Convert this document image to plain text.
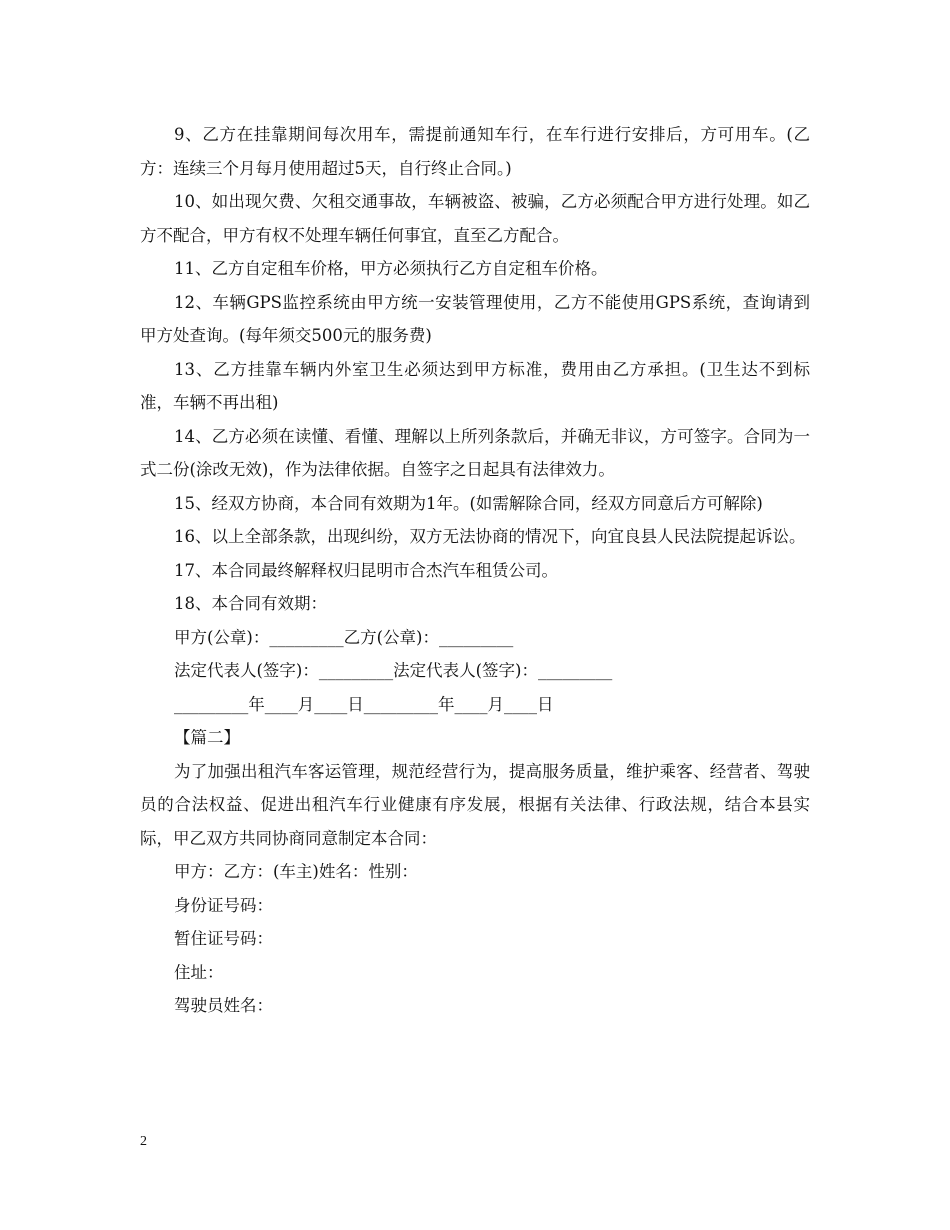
9、乙方在挂靠期间每次用车，需提前通知车行，在车行进行安排后，方可用车。(乙方：连续三个月每月使用超过5天，自行终止合同。)

10、如出现欠费、欠租交通事故，车辆被盗、被骗，乙方必须配合甲方进行处理。如乙方不配合，甲方有权不处理车辆任何事宜，直至乙方配合。

11、乙方自定租车价格，甲方必须执行乙方自定租车价格。

12、车辆GPS监控系统由甲方统一安装管理使用，乙方不能使用GPS系统，查询请到甲方处查询。(每年须交500元的服务费)

13、乙方挂靠车辆内外室卫生必须达到甲方标准，费用由乙方承担。(卫生达不到标准，车辆不再出租)

14、乙方必须在读懂、看懂、理解以上所列条款后，并确无非议，方可签字。合同为一式二份(涂改无效)，作为法律依据。自签字之日起具有法律效力。

15、经双方协商，本合同有效期为1年。(如需解除合同，经双方同意后方可解除)

16、以上全部条款，出现纠纷，双方无法协商的情况下，向宜良县人民法院提起诉讼。

17、本合同最终解释权归昆明市合杰汽车租赁公司。

18、本合同有效期：

甲方(公章)：_________乙方(公章)：_________

法定代表人(签字)：_________法定代表人(签字)：_________

_________年____月____日_________年____月____日

【篇二】

为了加强出租汽车客运管理，规范经营行为，提高服务质量，维护乘客、经营者、驾驶员的合法权益、促进出租汽车行业健康有序发展，根据有关法律、行政法规，结合本县实际，甲乙双方共同协商同意制定本合同：

甲方：乙方：(车主)姓名：性别：

身份证号码：

暂住证号码：

住址：

驾驶员姓名：

2
